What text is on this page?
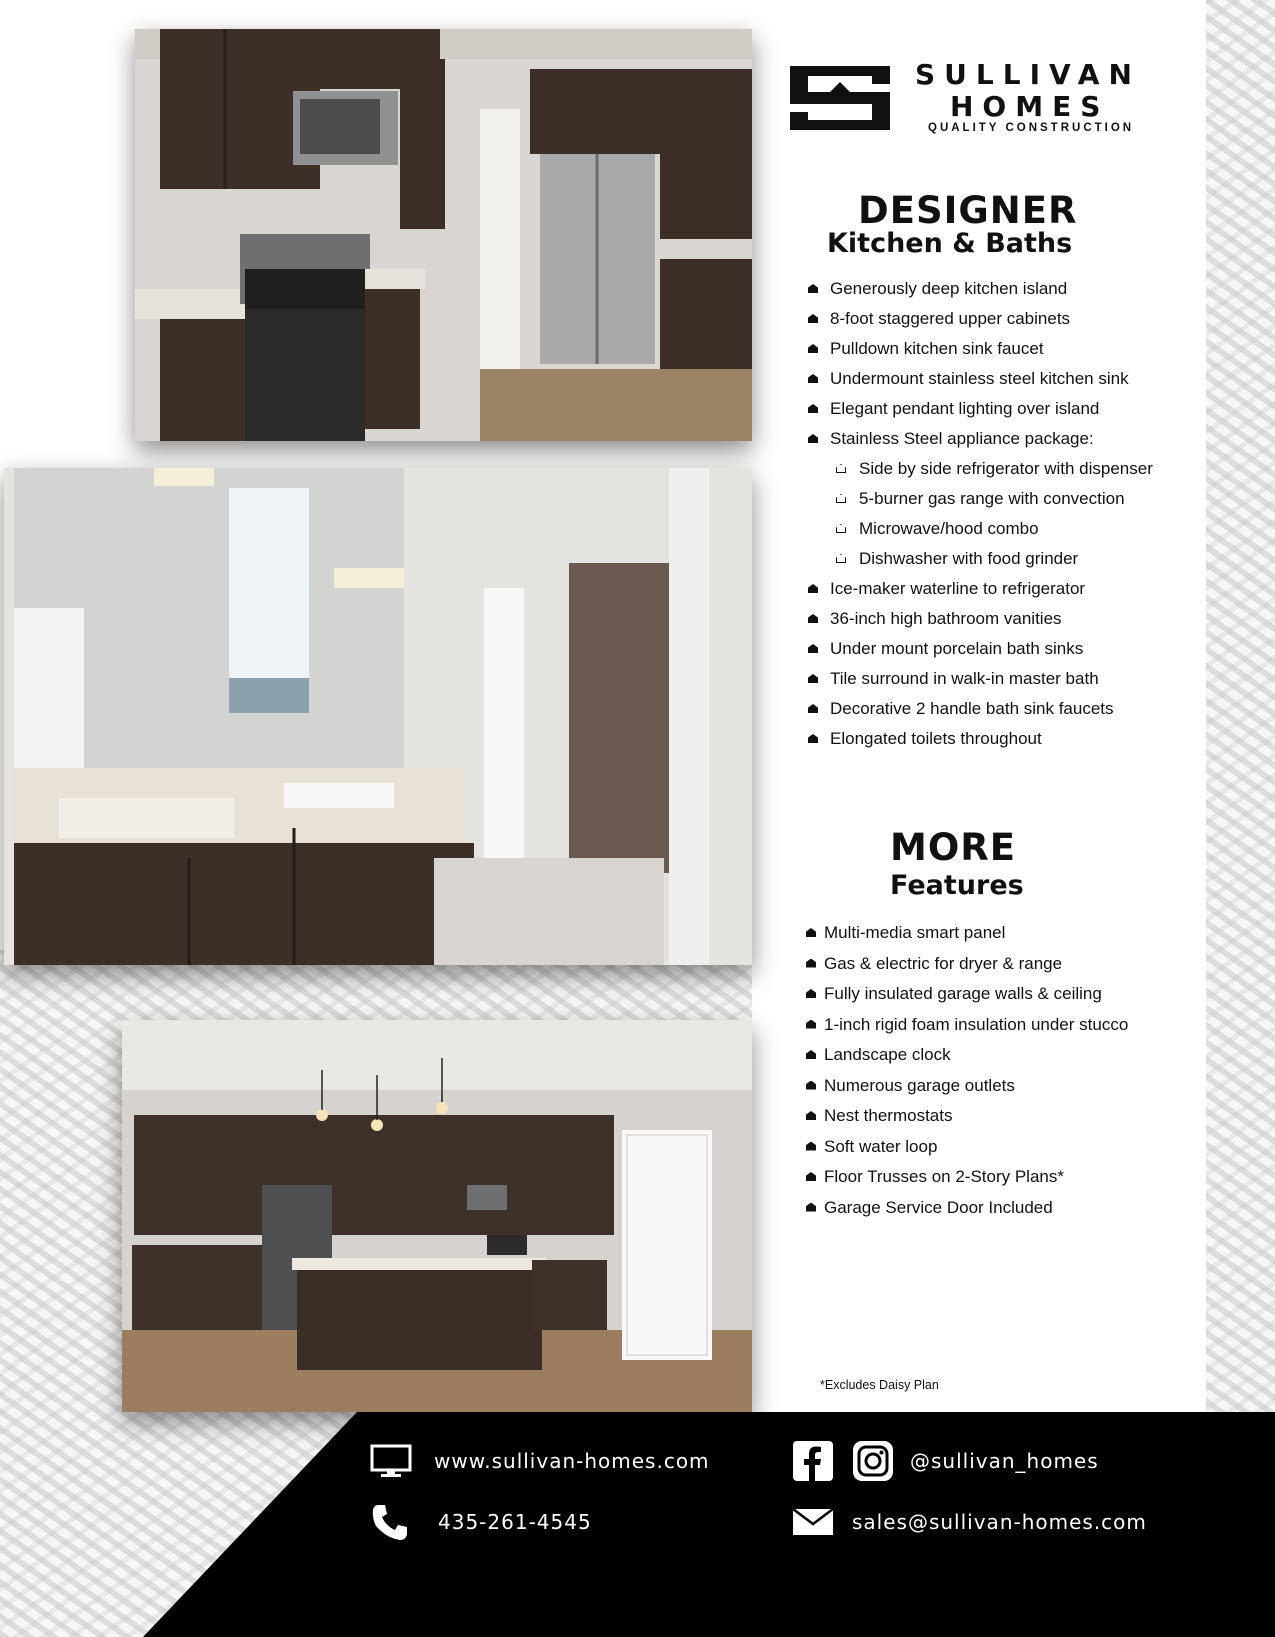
SULLIVAN
HOMES
QUALITY CONSTRUCTION
DESIGNER
Kitchen & Baths
Generously deep kitchen island
8-foot staggered upper cabinets
Pulldown kitchen sink faucet
Undermount stainless steel kitchen sink
Elegant pendant lighting over island
Stainless Steel appliance package:
Side by side refrigerator with dispenser
5-burner gas range with convection
Microwave/hood combo
Dishwasher with food grinder
Ice-maker waterline to refrigerator
36-inch high bathroom vanities
Under mount porcelain bath sinks
Tile surround in walk-in master bath
Decorative 2 handle bath sink faucets
Elongated toilets throughout
MORE
Features
Multi-media smart panel
Gas & electric for dryer & range
Fully insulated garage walls & ceiling
1-inch rigid foam insulation under stucco
Landscape clock
Numerous garage outlets
Nest thermostats
Soft water loop
Floor Trusses on 2-Story Plans*
Garage Service Door Included
*Excludes Daisy Plan
www.sullivan-homes.com
435-261-4545
@sullivan_homes
sales@sullivan-homes.com
